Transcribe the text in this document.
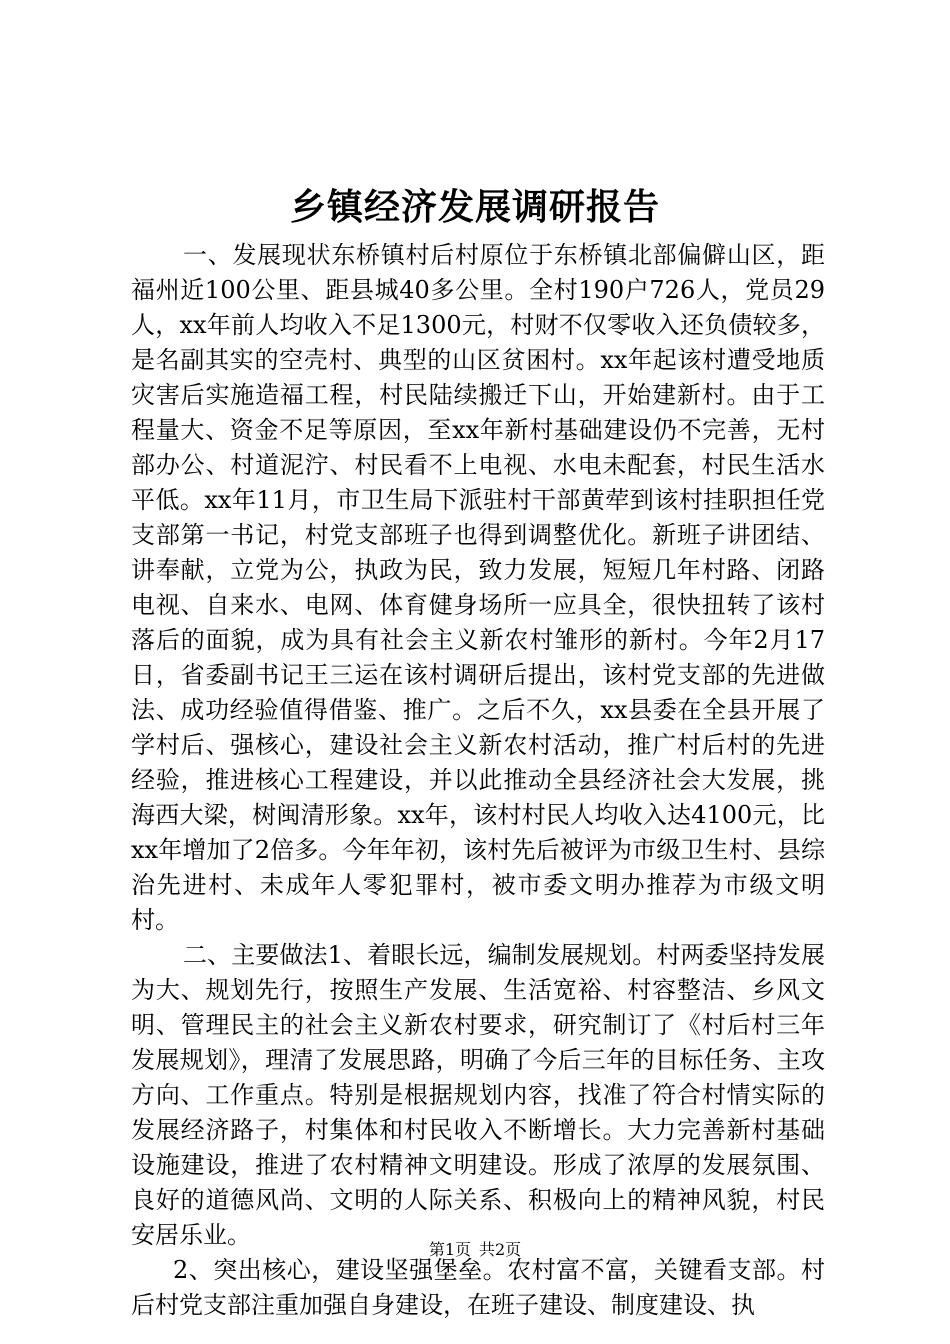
乡镇经济发展调研报告

一、发展现状东桥镇村后村原位于东桥镇北部偏僻山区，距福州近100公里、距县城40多公里。全村190户726人，党员29人，xx年前人均收入不足1300元，村财不仅零收入还负债较多，是名副其实的空壳村、典型的山区贫困村。xx年起该村遭受地质灾害后实施造福工程，村民陆续搬迁下山，开始建新村。由于工程量大、资金不足等原因，至xx年新村基础建设仍不完善，无村部办公、村道泥泞、村民看不上电视、水电未配套，村民生活水平低。xx年11月，市卫生局下派驻村干部黄荦到该村挂职担任党支部第一书记，村党支部班子也得到调整优化。新班子讲团结、讲奉献，立党为公，执政为民，致力发展，短短几年村路、闭路电视、自来水、电网、体育健身场所一应具全，很快扭转了该村落后的面貌，成为具有社会主义新农村雏形的新村。今年2月17日，省委副书记王三运在该村调研后提出，该村党支部的先进做法、成功经验值得借鉴、推广。之后不久，xx县委在全县开展了学村后、强核心，建设社会主义新农村活动，推广村后村的先进经验，推进核心工程建设，并以此推动全县经济社会大发展，挑海西大梁，树闽清形象。xx年，该村村民人均收入达4100元，比xx年增加了2倍多。今年年初，该村先后被评为市级卫生村、县综治先进村、未成年人零犯罪村，被市委文明办推荐为市级文明村。

二、主要做法1、着眼长远，编制发展规划。村两委坚持发展为大、规划先行，按照生产发展、生活宽裕、村容整洁、乡风文明、管理民主的社会主义新农村要求，研究制订了《村后村三年发展规划》，理清了发展思路，明确了今后三年的目标任务、主攻方向、工作重点。特别是根据规划内容，找准了符合村情实际的发展经济路子，村集体和村民收入不断增长。大力完善新村基础设施建设，推进了农村精神文明建设。形成了浓厚的发展氛围、良好的道德风尚、文明的人际关系、积极向上的精神风貌，村民安居乐业。

2、突出核心，建设坚强堡垒。农村富不富，关键看支部。村后村党支部注重加强自身建设，在班子建设、制度建设、执

第1页 共2页
